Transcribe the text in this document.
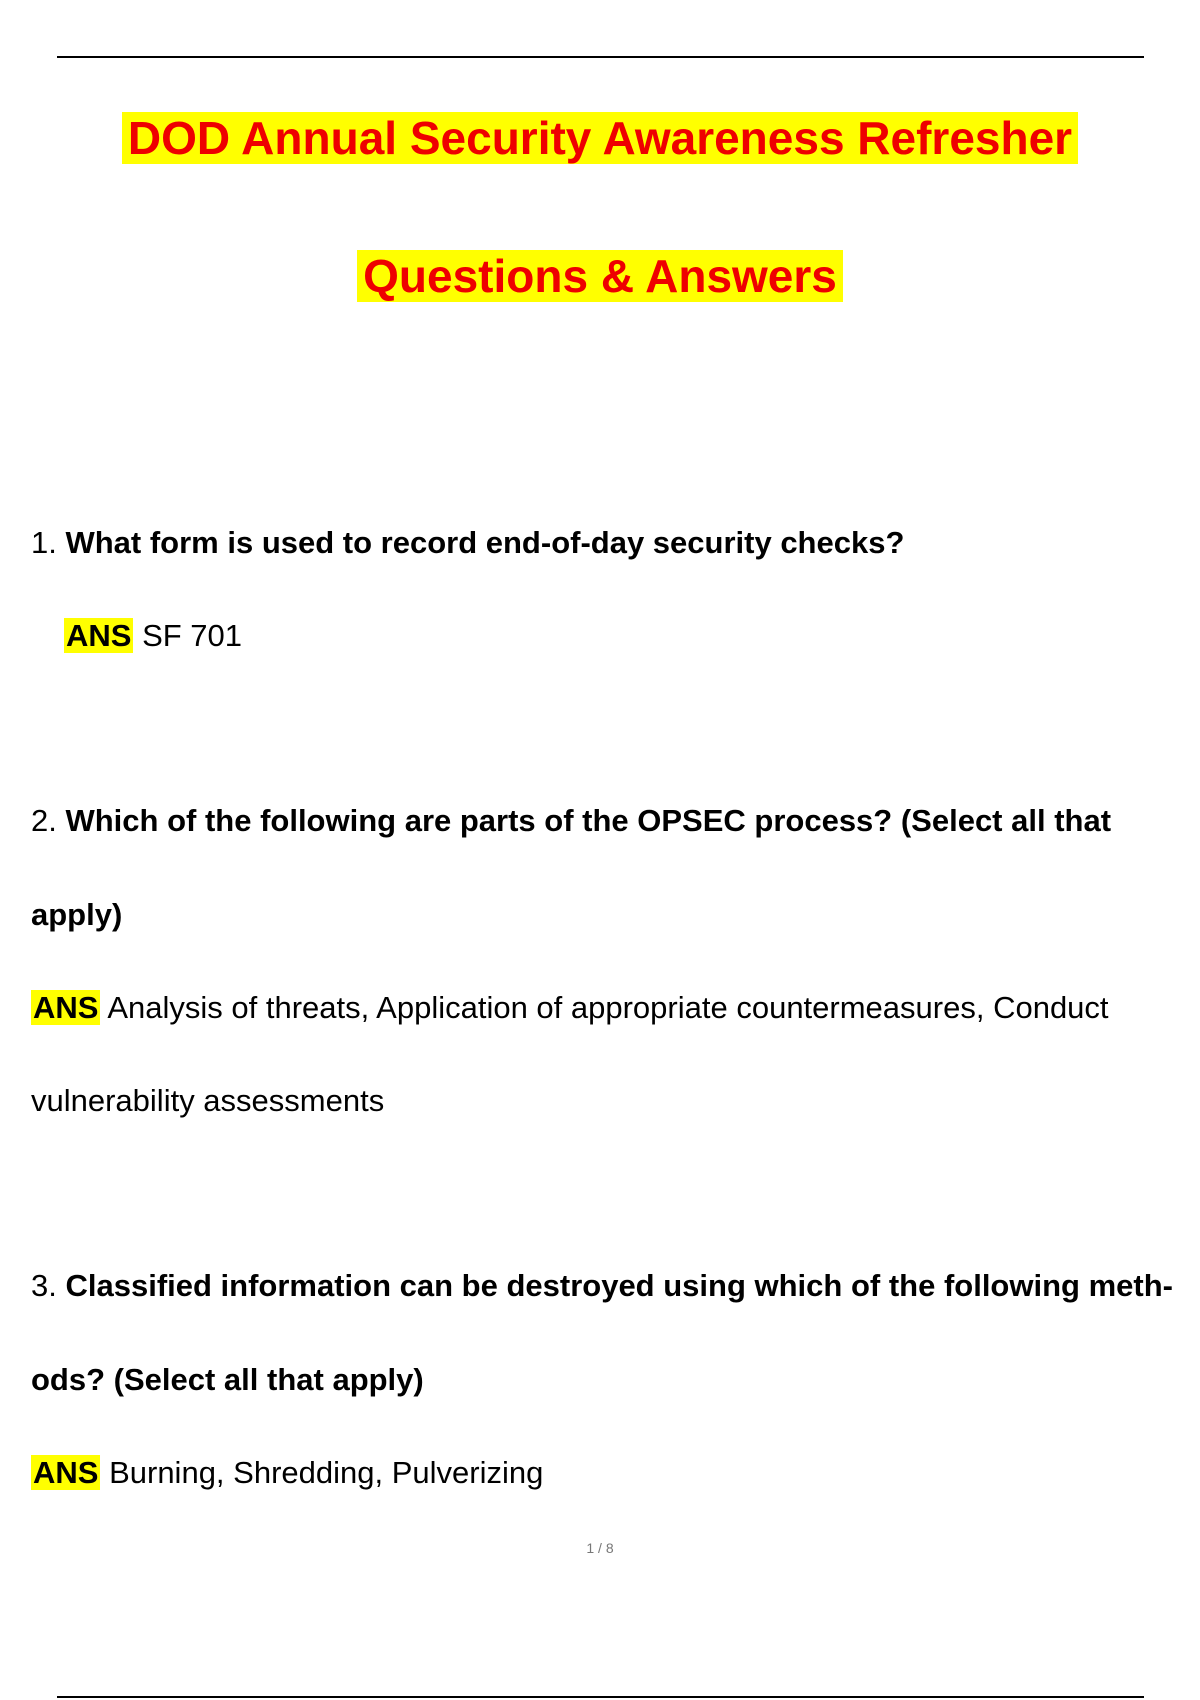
DOD Annual Security Awareness Refresher
Questions & Answers
1. What form is used to record end-of-day security checks?
ANS SF 701
2. Which of the following are parts of the OPSEC process? (Select all that
apply)
ANS Analysis of threats, Application of appropriate countermeasures, Conduct
vulnerability assessments
3. Classified information can be destroyed using which of the following meth-
ods? (Select all that apply)
ANS Burning, Shredding, Pulverizing
1 / 8
